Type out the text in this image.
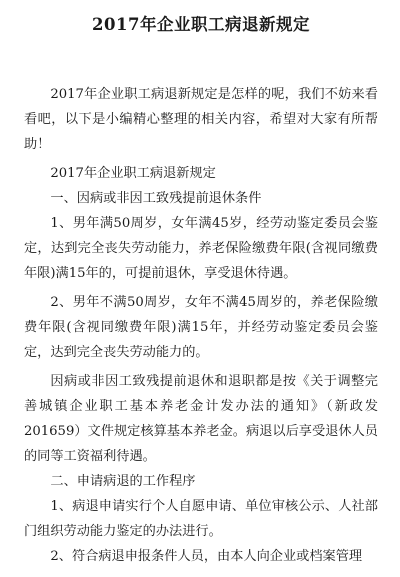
2017年企业职工病退新规定

2017年企业职工病退新规定是怎样的呢，我们不妨来看看吧，以下是小编精心整理的相关内容，希望对大家有所帮助！

2017年企业职工病退新规定

一、因病或非因工致残提前退休条件

1、男年满50周岁，女年满45岁，经劳动鉴定委员会鉴定，达到完全丧失劳动能力，养老保险缴费年限(含视同缴费年限)满15年的，可提前退休，享受退休待遇。

2、男年不满50周岁，女年不满45周岁的，养老保险缴费年限(含视同缴费年限)满15年，并经劳动鉴定委员会鉴定，达到完全丧失劳动能力的。

因病或非因工致残提前退休和退职都是按《关于调整完善城镇企业职工基本养老金计发办法的通知》（新政发201659）文件规定核算基本养老金。病退以后享受退休人员的同等工资福利待遇。

二、申请病退的工作程序

1、病退申请实行个人自愿申请、单位审核公示、人社部门组织劳动能力鉴定的办法进行。

2、符合病退申报条件人员，由本人向企业或档案管理
